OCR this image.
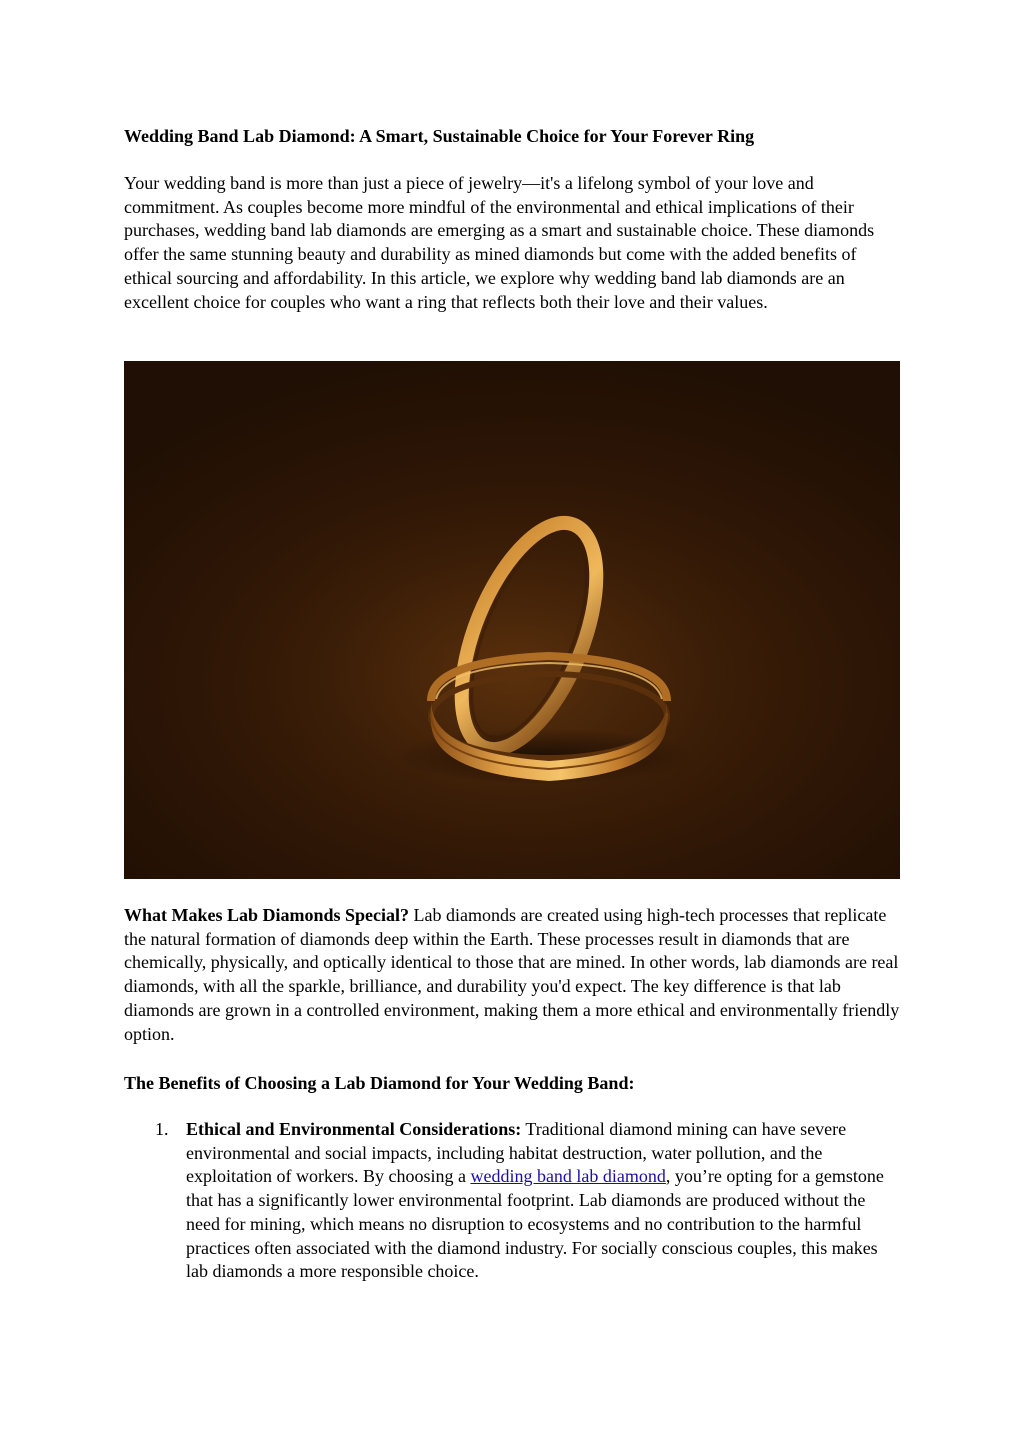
Wedding Band Lab Diamond: A Smart, Sustainable Choice for Your Forever Ring

Your wedding band is more than just a piece of jewelry—it's a lifelong symbol of your love and commitment. As couples become more mindful of the environmental and ethical implications of their purchases, wedding band lab diamonds are emerging as a smart and sustainable choice. These diamonds offer the same stunning beauty and durability as mined diamonds but come with the added benefits of ethical sourcing and affordability. In this article, we explore why wedding band lab diamonds are an excellent choice for couples who want a ring that reflects both their love and their values.

What Makes Lab Diamonds Special? Lab diamonds are created using high-tech processes that replicate the natural formation of diamonds deep within the Earth. These processes result in diamonds that are chemically, physically, and optically identical to those that are mined. In other words, lab diamonds are real diamonds, with all the sparkle, brilliance, and durability you'd expect. The key difference is that lab diamonds are grown in a controlled environment, making them a more ethical and environmentally friendly option.

The Benefits of Choosing a Lab Diamond for Your Wedding Band:
1. Ethical and Environmental Considerations: Traditional diamond mining can have severe environmental and social impacts, including habitat destruction, water pollution, and the exploitation of workers. By choosing a wedding band lab diamond, you’re opting for a gemstone that has a significantly lower environmental footprint. Lab diamonds are produced without the need for mining, which means no disruption to ecosystems and no contribution to the harmful practices often associated with the diamond industry. For socially conscious couples, this makes lab diamonds a more responsible choice.
